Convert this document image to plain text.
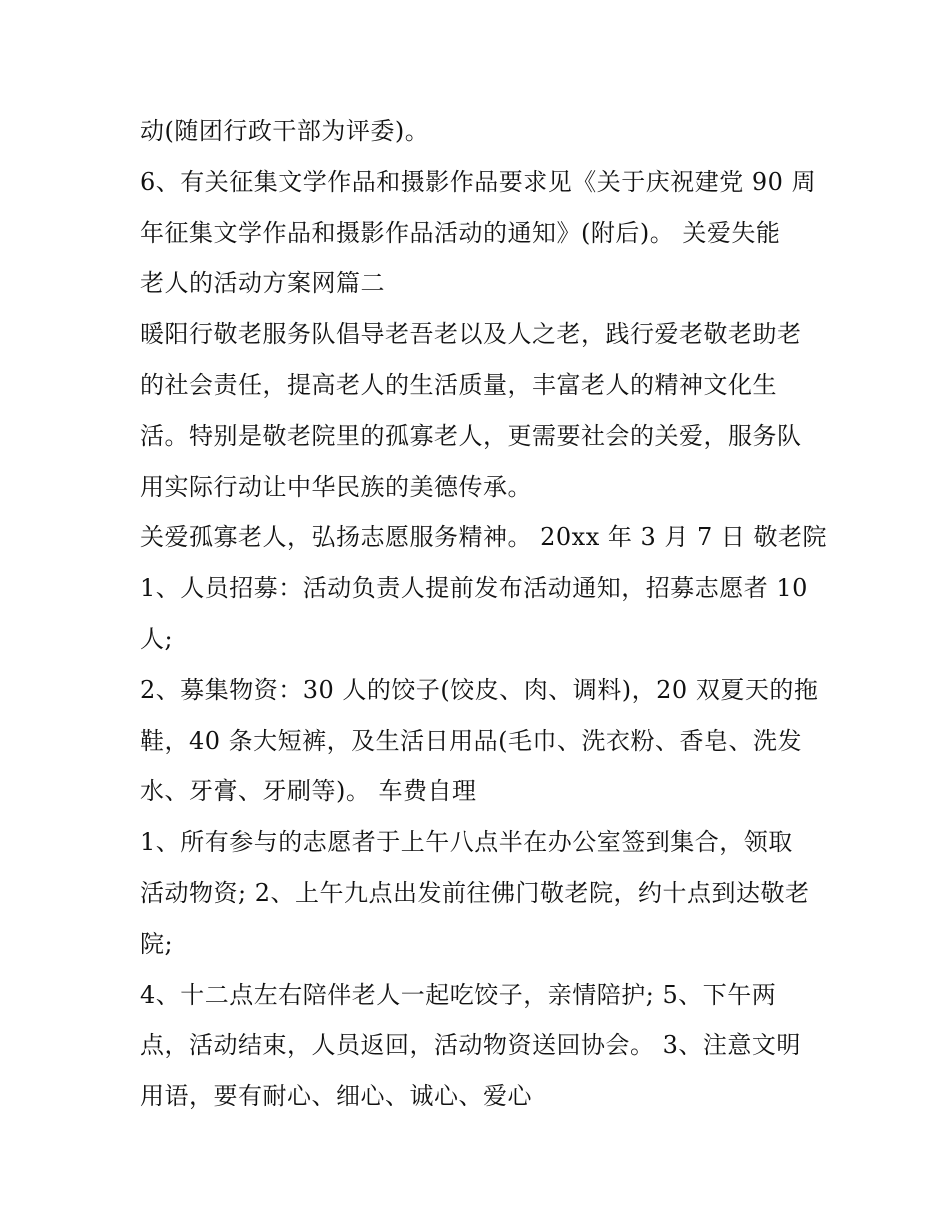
动(随团行政干部为评委)。
6、有关征集文学作品和摄影作品要求见《关于庆祝建党 90 周
年征集文学作品和摄影作品活动的通知》(附后)。 关爱失能
老人的活动方案网篇二
暖阳行敬老服务队倡导老吾老以及人之老，践行爱老敬老助老
的社会责任，提高老人的生活质量，丰富老人的精神文化生
活。特别是敬老院里的孤寡老人，更需要社会的关爱，服务队
用实际行动让中华民族的美德传承。
关爱孤寡老人，弘扬志愿服务精神。 20xx 年 3 月 7 日 敬老院
1、人员招募：活动负责人提前发布活动通知，招募志愿者 10
人;
2、募集物资：30 人的饺子(饺皮、肉、调料)，20 双夏天的拖
鞋，40 条大短裤，及生活日用品(毛巾、洗衣粉、香皂、洗发
水、牙膏、牙刷等)。 车费自理
1、所有参与的志愿者于上午八点半在办公室签到集合，领取
活动物资; 2、上午九点出发前往佛门敬老院，约十点到达敬老
院;
4、十二点左右陪伴老人一起吃饺子，亲情陪护; 5、下午两
点，活动结束，人员返回，活动物资送回协会。 3、注意文明
用语，要有耐心、细心、诚心、爱心
